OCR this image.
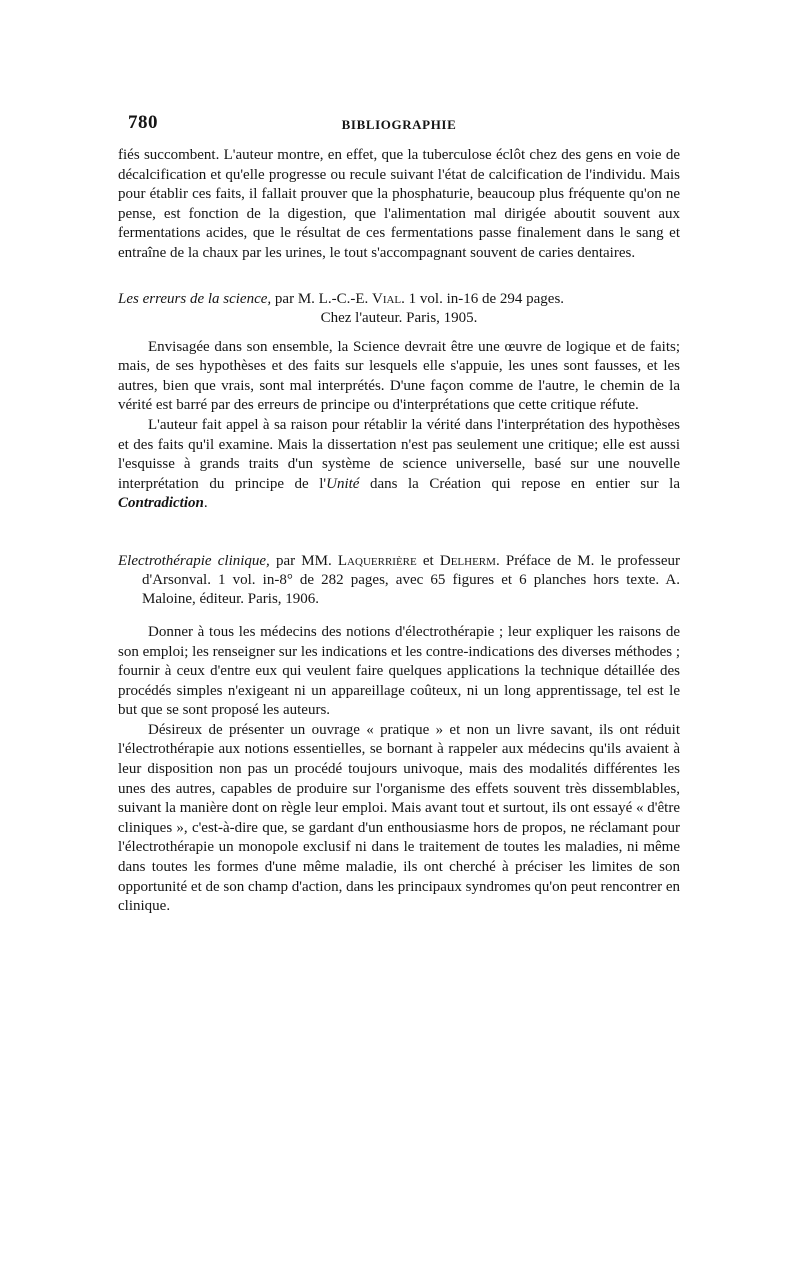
780	BIBLIOGRAPHIE

fiés succombent. L'auteur montre, en effet, que la tuberculose éclôt chez des gens en voie de décalcification et qu'elle progresse ou recule suivant l'état de calcification de l'individu. Mais pour établir ces faits, il fallait prouver que la phosphaturie, beaucoup plus fréquente qu'on ne pense, est fonction de la digestion, que l'alimentation mal dirigée aboutit souvent aux fermentations acides, que le résultat de ces fermentations passe finalement dans le sang et entraîne de la chaux par les urines, le tout s'accompagnant souvent de caries dentaires.

Les erreurs de la science, par M. L.-C.-E. Vial. 1 vol. in-16 de 294 pages.
Chez l'auteur. Paris, 1905.

Envisagée dans son ensemble, la Science devrait être une œuvre de logique et de faits; mais, de ses hypothèses et des faits sur lesquels elle s'appuie, les unes sont fausses, et les autres, bien que vrais, sont mal interprétés. D'une façon comme de l'autre, le chemin de la vérité est barré par des erreurs de principe ou d'interprétations que cette critique réfute.

L'auteur fait appel à sa raison pour rétablir la vérité dans l'interprétation des hypothèses et des faits qu'il examine. Mais la dissertation n'est pas seulement une critique; elle est aussi l'esquisse à grands traits d'un système de science universelle, basé sur une nouvelle interprétation du principe de l'Unité dans la Création qui repose en entier sur la Contradiction.

Electrothérapie clinique, par MM. Laquerrière et Delherm. Préface de M. le professeur d'Arsonval. 1 vol. in-8° de 282 pages, avec 65 figures et 6 planches hors texte. A. Maloine, éditeur. Paris, 1906.

Donner à tous les médecins des notions d'électrothérapie ; leur expliquer les raisons de son emploi; les renseigner sur les indications et les contre-indications des diverses méthodes ; fournir à ceux d'entre eux qui veulent faire quelques applications la technique détaillée des procédés simples n'exigeant ni un appareillage coûteux, ni un long apprentissage, tel est le but que se sont proposé les auteurs.

Désireux de présenter un ouvrage « pratique » et non un livre savant, ils ont réduit l'électrothérapie aux notions essentielles, se bornant à rappeler aux médecins qu'ils avaient à leur disposition non pas un procédé toujours univoque, mais des modalités différentes les unes des autres, capables de produire sur l'organisme des effets souvent très dissemblables, suivant la manière dont on règle leur emploi. Mais avant tout et surtout, ils ont essayé « d'être cliniques », c'est-à-dire que, se gardant d'un enthousiasme hors de propos, ne réclamant pour l'électrothérapie un monopole exclusif ni dans le traitement de toutes les maladies, ni même dans toutes les formes d'une même maladie, ils ont cherché à préciser les limites de son opportunité et de son champ d'action, dans les principaux syndromes qu'on peut rencontrer en clinique.
